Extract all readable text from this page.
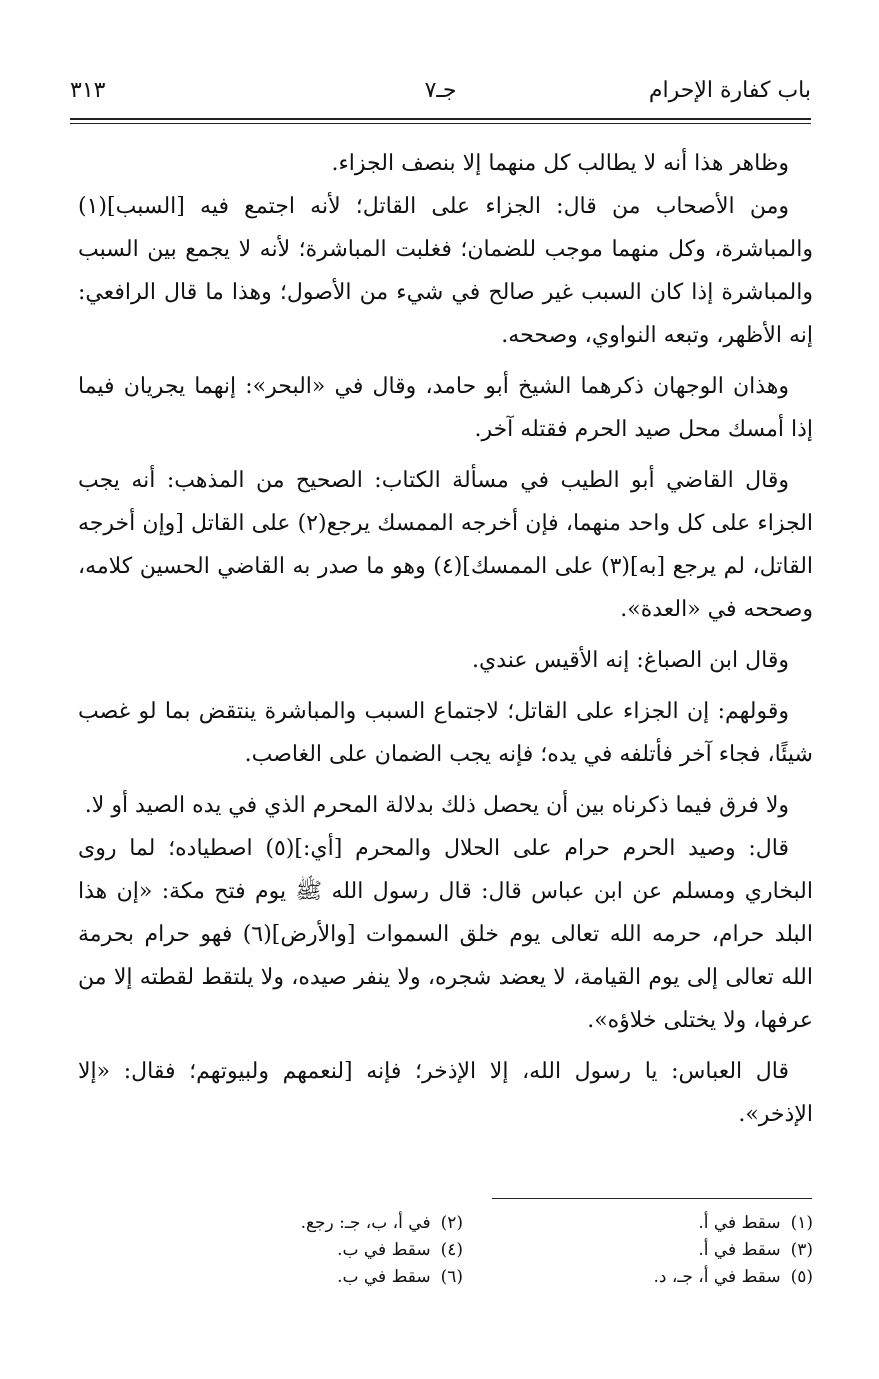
باب كفارة الإحرام
جـ٧
٣١٣

وظاهر هذا أنه لا يطالب كل منهما إلا بنصف الجزاء.

ومن الأصحاب من قال: الجزاء على القاتل؛ لأنه اجتمع فيه [السبب](١) والمباشرة، وكل منهما موجب للضمان؛ فغلبت المباشرة؛ لأنه لا يجمع بين السبب والمباشرة إذا كان السبب غير صالح في شيء من الأصول؛ وهذا ما قال الرافعي: إنه الأظهر، وتبعه النواوي، وصححه.

وهذان الوجهان ذكرهما الشيخ أبو حامد، وقال في «البحر»: إنهما يجريان فيما إذا أمسك محل صيد الحرم فقتله آخر.

وقال القاضي أبو الطيب في مسألة الكتاب: الصحيح من المذهب: أنه يجب الجزاء على كل واحد منهما، فإن أخرجه الممسك يرجع(٢) على القاتل [وإن أخرجه القاتل، لم يرجع [به](٣) على الممسك](٤) وهو ما صدر به القاضي الحسين كلامه، وصححه في «العدة».

وقال ابن الصباغ: إنه الأقيس عندي.

وقولهم: إن الجزاء على القاتل؛ لاجتماع السبب والمباشرة ينتقض بما لو غصب شيئًا، فجاء آخر فأتلفه في يده؛ فإنه يجب الضمان على الغاصب.

ولا فرق فيما ذكرناه بين أن يحصل ذلك بدلالة المحرم الذي في يده الصيد أو لا.

قال: وصيد الحرم حرام على الحلال والمحرم [أي:](٥) اصطياده؛ لما روى البخاري ومسلم عن ابن عباس قال: قال رسول الله ﷺ يوم فتح مكة: «إن هذا البلد حرام، حرمه الله تعالى يوم خلق السموات [والأرض](٦) فهو حرام بحرمة الله تعالى إلى يوم القيامة، لا يعضد شجره، ولا ينفر صيده، ولا يلتقط لقطته إلا من عرفها، ولا يختلى خلاؤه».

قال العباس: يا رسول الله، إلا الإذخر؛ فإنه [لنعمهم ولبيوتهم؛ فقال: «إلا الإذخر».

(١)سقط في أ.
(٢)في أ، ب، جـ: رجع.
(٣)سقط في أ.
(٤)سقط في ب.
(٥)سقط في أ، جـ، د.
(٦)سقط في ب.
